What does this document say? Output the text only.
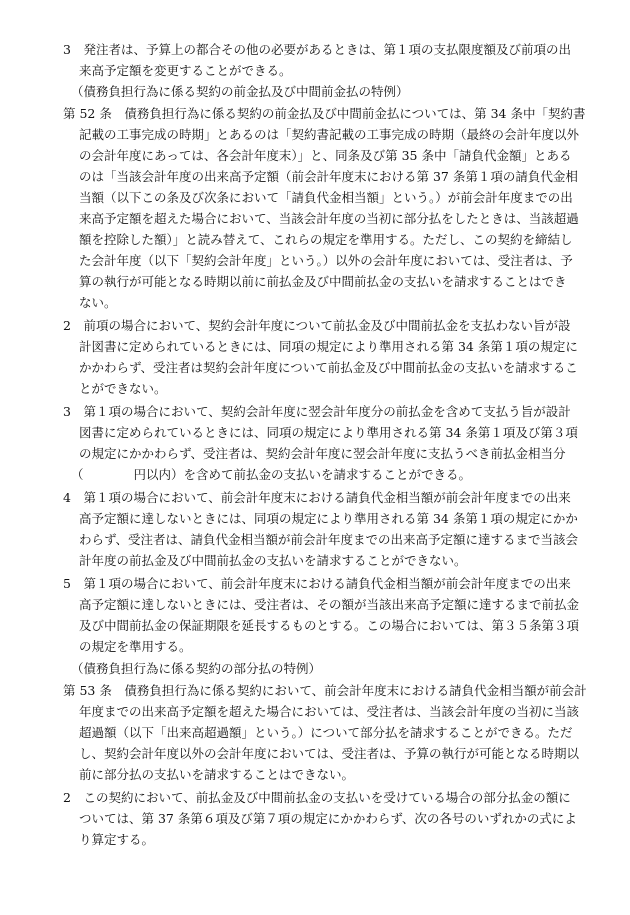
3　発注者は、予算上の都合その他の必要があるときは、第１項の支払限度額及び前項の出
来高予定額を変更することができる。
（債務負担行為に係る契約の前金払及び中間前金払の特例）
第 52 条　債務負担行為に係る契約の前金払及び中間前金払については、第 34 条中「契約書
記載の工事完成の時期」とあるのは「契約書記載の工事完成の時期（最終の会計年度以外
の会計年度にあっては、各会計年度末）」と、同条及び第 35 条中「請負代金額」とある
のは「当該会計年度の出来高予定額（前会計年度末における第 37 条第１項の請負代金相
当額（以下この条及び次条において「請負代金相当額」という。）が前会計年度までの出
来高予定額を超えた場合において、当該会計年度の当初に部分払をしたときは、当該超過
額を控除した額）」と読み替えて、これらの規定を準用する。ただし、この契約を締結し
た会計年度（以下「契約会計年度」という。）以外の会計年度においては、受注者は、予
算の執行が可能となる時期以前に前払金及び中間前払金の支払いを請求することはでき
ない。
2　前項の場合において、契約会計年度について前払金及び中間前払金を支払わない旨が設
計図書に定められているときには、同項の規定により準用される第 34 条第１項の規定に
かかわらず、受注者は契約会計年度について前払金及び中間前払金の支払いを請求するこ
とができない。
3　第１項の場合において、契約会計年度に翌会計年度分の前払金を含めて支払う旨が設計
図書に定められているときには、同項の規定により準用される第 34 条第１項及び第３項
の規定にかかわらず、受注者は、契約会計年度に翌会計年度に支払うべき前払金相当分
（　　　　円以内）を含めて前払金の支払いを請求することができる。
4　第１項の場合において、前会計年度末における請負代金相当額が前会計年度までの出来
高予定額に達しないときには、同項の規定により準用される第 34 条第１項の規定にかか
わらず、受注者は、請負代金相当額が前会計年度までの出来高予定額に達するまで当該会
計年度の前払金及び中間前払金の支払いを請求することができない。
5　第１項の場合において、前会計年度末における請負代金相当額が前会計年度までの出来
高予定額に達しないときには、受注者は、その額が当該出来高予定額に達するまで前払金
及び中間前払金の保証期限を延長するものとする。この場合においては、第３５条第３項
の規定を準用する。
（債務負担行為に係る契約の部分払の特例）
第 53 条　債務負担行為に係る契約において、前会計年度末における請負代金相当額が前会計
年度までの出来高予定額を超えた場合においては、受注者は、当該会計年度の当初に当該
超過額（以下「出来高超過額」という。）について部分払を請求することができる。ただ
し、契約会計年度以外の会計年度においては、受注者は、予算の執行が可能となる時期以
前に部分払の支払いを請求することはできない。
2　この契約において、前払金及び中間前払金の支払いを受けている場合の部分払金の額に
ついては、第 37 条第６項及び第７項の規定にかかわらず、次の各号のいずれかの式によ
り算定する。
